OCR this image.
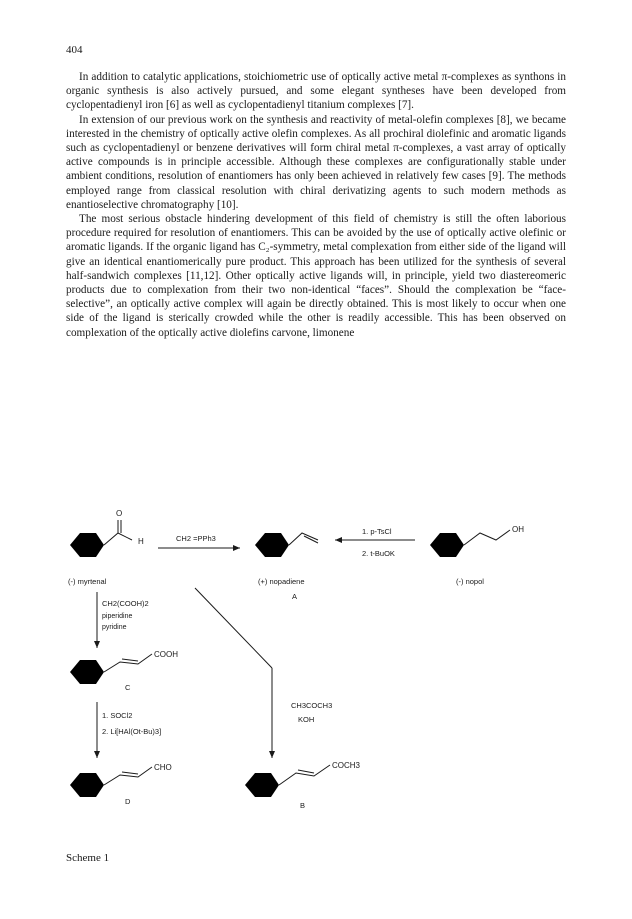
404

In addition to catalytic applications, stoichiometric use of optically active metal π-complexes as synthons in organic synthesis is also actively pursued, and some elegant syntheses have been developed from cyclopentadienyl iron [6] as well as cyclopentadienyl titanium complexes [7].

In extension of our previous work on the synthesis and reactivity of metal-olefin complexes [8], we became interested in the chemistry of optically active olefin complexes. As all prochiral diolefinic and aromatic ligands such as cyclopentadienyl or benzene derivatives will form chiral metal π-complexes, a vast array of optically active compounds is in principle accessible. Although these complexes are configurationally stable under ambient conditions, resolution of enantiomers has only been achieved in relatively few cases [9]. The methods employed range from classical resolution with chiral derivatizing agents to such modern methods as enantioselective chromatography [10].

The most serious obstacle hindering development of this field of chemistry is still the often laborious procedure required for resolution of enantiomers. This can be avoided by the use of optically active olefinic or aromatic ligands. If the organic ligand has C₂-symmetry, metal complexation from either side of the ligand will give an identical enantiomerically pure product. This approach has been utilized for the synthesis of several half-sandwich complexes [11,12]. Other optically active ligands will, in principle, yield two diastereomeric products due to complexation from their two non-identical “faces”. Should the complexation be “face-selective”, an optically active complex will again be directly obtained. This is most likely to occur when one side of the ligand is sterically crowded while the other is readily accessible. This has been observed on complexation of the optically active diolefins carvone, limonene

O
H
(-) myrtenal
CH2 =PPh3
(+) nopadiene
A
1. p-TsCl
2. t-BuOK
OH
(-) nopol
CH2(COOH)2
piperidine
pyridine
COOH
C
1. SOCl2
2. Li[HAl(Ot-Bu)3]
CHO
D
CH3COCH3
KOH
COCH3
B
Scheme 1
